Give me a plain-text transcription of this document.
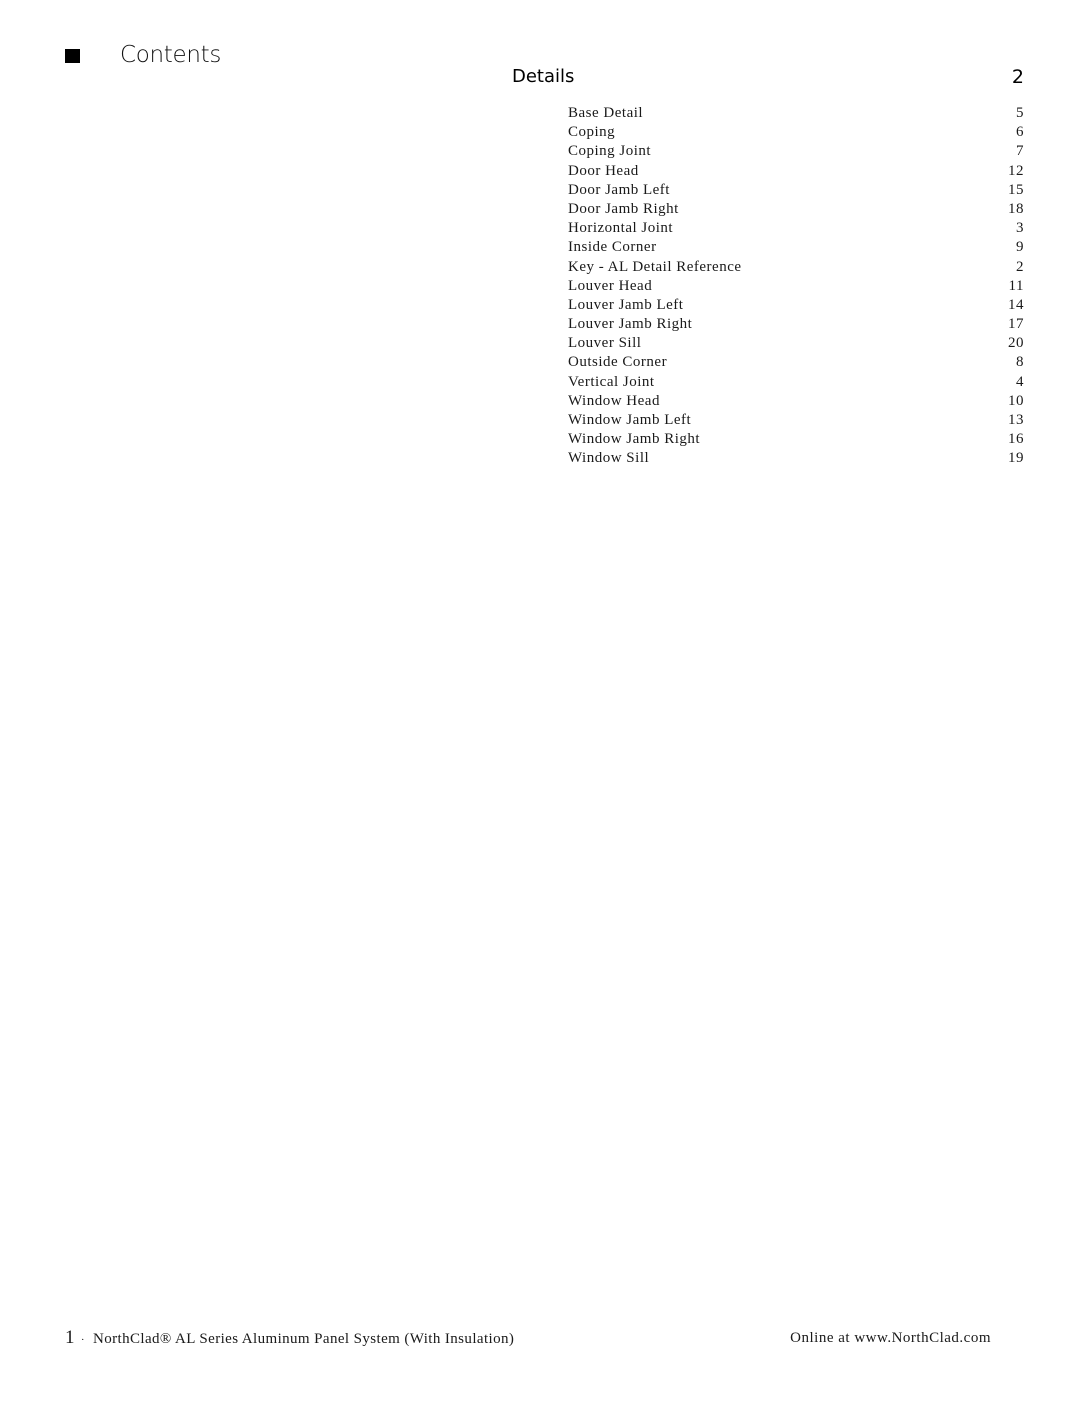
Contents
Details	2
Base Detail	5
Coping	6
Coping Joint	7
Door Head	12
Door Jamb Left	15
Door Jamb Right	18
Horizontal Joint	3
Inside Corner	9
Key - AL Detail Reference	2
Louver Head	11
Louver Jamb Left	14
Louver Jamb Right	17
Louver Sill	20
Outside Corner	8
Vertical Joint	4
Window Head	10
Window Jamb Left	13
Window Jamb Right	16
Window Sill	19
1 · NorthClad® AL Series Aluminum Panel System (With Insulation)	Online at www.NorthClad.com
